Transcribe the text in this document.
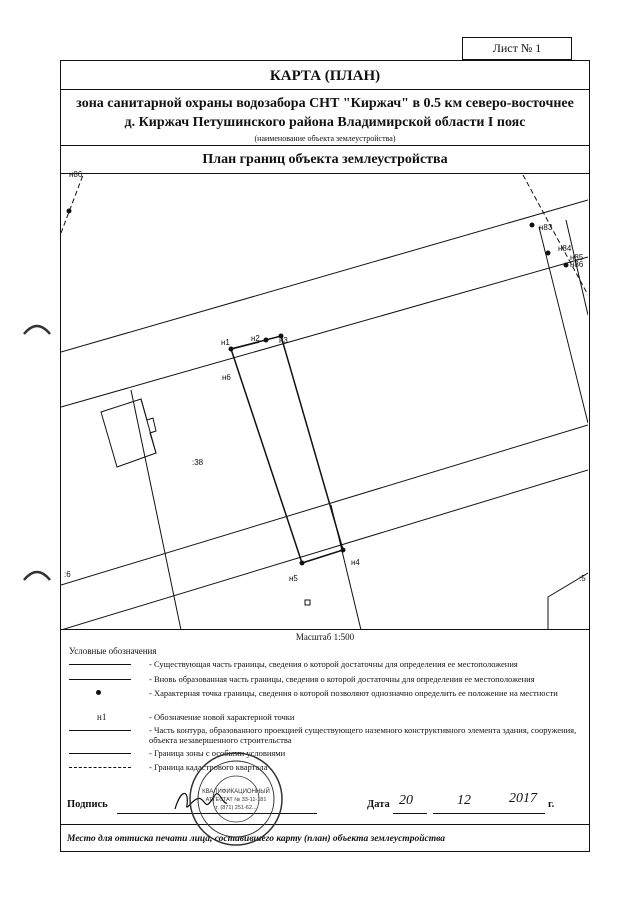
Лист № 1
КАРТА (ПЛАН)
зона санитарной охраны водозабора СНТ "Киржач" в 0.5 км северо-восточнее
д. Киржач Петушинского района Владимирской области I пояс
(наименование объекта землеустройства)
План границ объекта землеустройства
н1	н2 н3
н4
н5
н6
н83
н84
н85
н86
н86
:38
:6	:5
Масштаб 1:500
Условные обозначения
- Существующая часть границы, сведения о которой достаточны для определения ее местоположения
- Вновь образованная часть границы, сведения о которой достаточны для определения ее местоположения
- Характерная точка границы, сведения о которой позволяют однозначно определить ее положение на местности
н1	- Обозначение новой характерной точки
- Часть контура, образованного проекцией существующего наземного конструктивного элемента здания, сооружения, объекта незавершенного строительства
- Граница зоны с особыми условиями
- Граница кадастрового квартала
Подпись	Дата 20	12	2017 г.
Место для оттиска печати лица, составившего карту (план) объекта землеустройства
КВАЛИФИКАЦИОННЫЙ
АТТЕСТАТ № 33-11-181
т. (871) 251-62...
